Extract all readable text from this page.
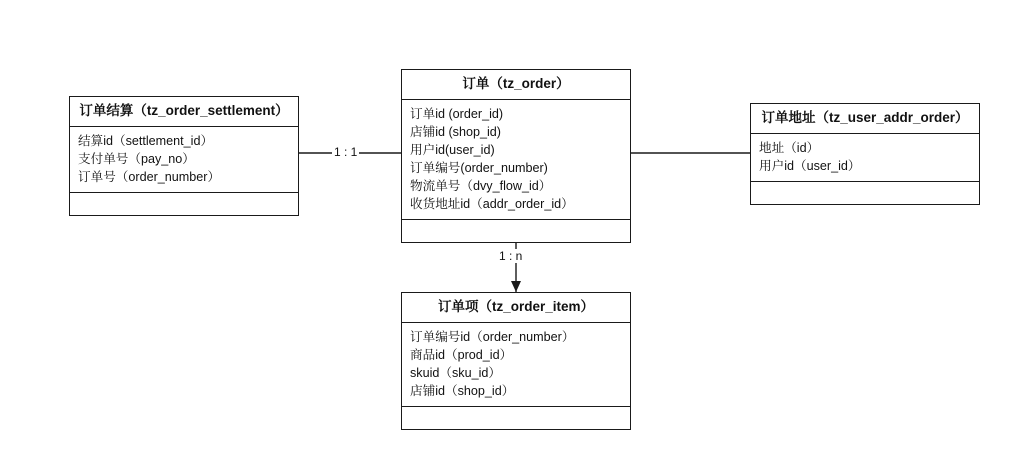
订单结算（tz_order_settlement）
结算id（settlement_id）
支付单号（pay_no）
订单号（order_number）
订单（tz_order）
订单id (order_id)
店铺id (shop_id)
用户id(user_id)
订单编号(order_number)
物流单号（dvy_flow_id）
收货地址id（addr_order_id）
订单地址（tz_user_addr_order）
地址（id）
用户id（user_id）
订单项（tz_order_item）
订单编号id（order_number）
商品id（prod_id）
skuid（sku_id）
店铺id（shop_id）
1 : 1
1 : n
